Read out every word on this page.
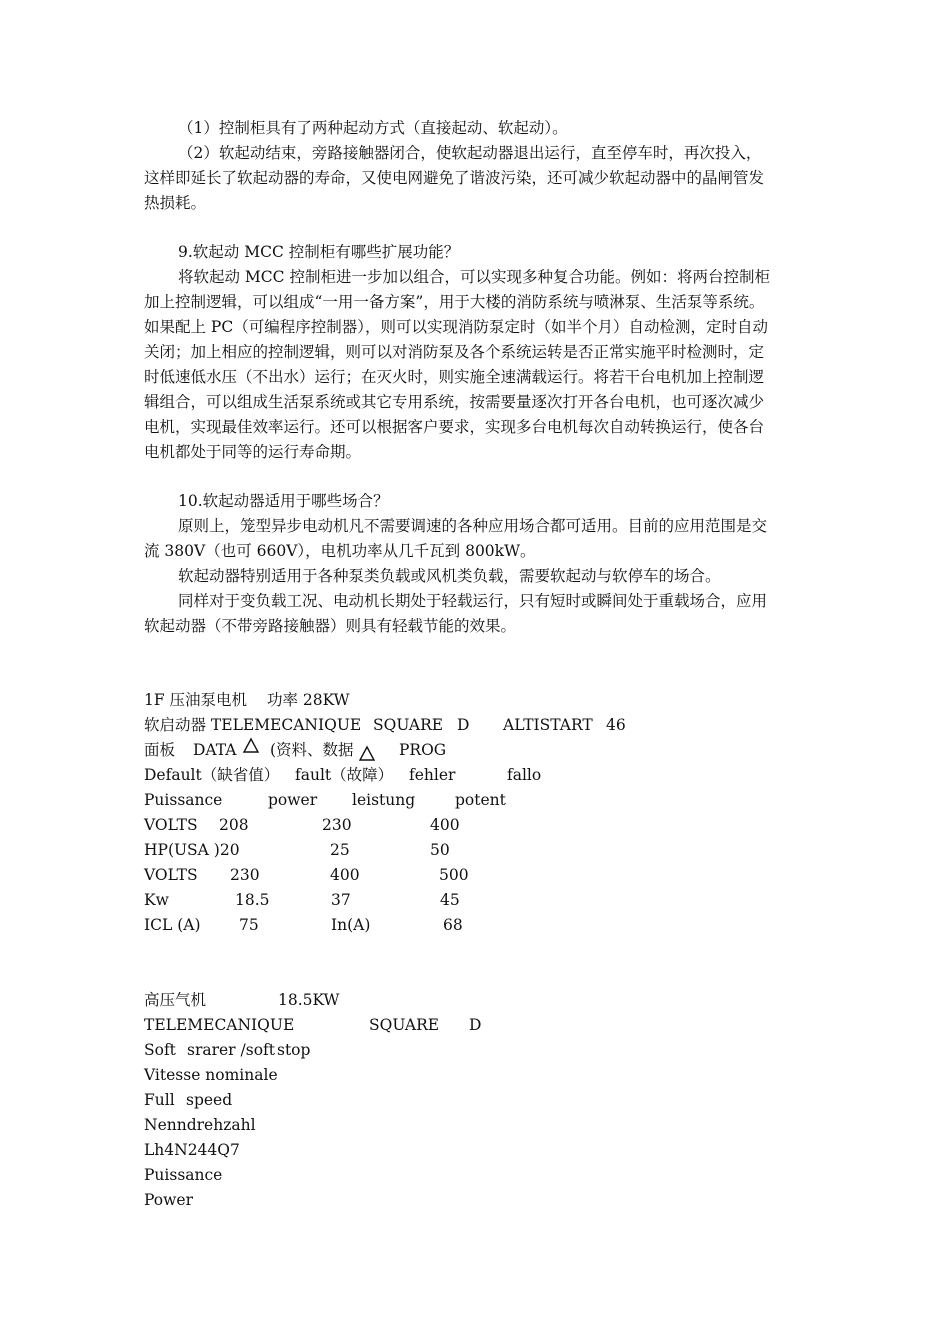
（1）控制柜具有了两种起动方式（直接起动、软起动）。
（2）软起动结束，旁路接触器闭合，使软起动器退出运行，直至停车时，再次投入，
这样即延长了软起动器的寿命，又使电网避免了谐波污染，还可减少软起动器中的晶闸管发
热损耗。
9.软起动 MCC 控制柜有哪些扩展功能？
将软起动 MCC 控制柜进一步加以组合，可以实现多种复合功能。例如：将两台控制柜
加上控制逻辑，可以组成“一用一备方案”，用于大楼的消防系统与喷淋泵、生活泵等系统。
如果配上 PC（可编程序控制器），则可以实现消防泵定时（如半个月）自动检测，定时自动
关闭；加上相应的控制逻辑，则可以对消防泵及各个系统运转是否正常实施平时检测时，定
时低速低水压（不出水）运行；在灭火时，则实施全速满载运行。将若干台电机加上控制逻
辑组合，可以组成生活泵系统或其它专用系统，按需要量逐次打开各台电机，也可逐次减少
电机，实现最佳效率运行。还可以根据客户要求，实现多台电机每次自动转换运行，使各台
电机都处于同等的运行寿命期。
10.软起动器适用于哪些场合？
原则上，笼型异步电动机凡不需要调速的各种应用场合都可适用。目前的应用范围是交
流 380V（也可 660V），电机功率从几千瓦到 800kW。
软起动器特别适用于各种泵类负载或风机类负载，需要软起动与软停车的场合。
同样对于变负载工况、电动机长期处于轻载运行，只有短时或瞬间处于重载场合，应用
软起动器（不带旁路接触器）则具有轻载节能的效果。
1F 压油泵电机 功率 28KW
软启动器 TELEMECANIQUE SQUARE D ALTISTART 46
面板 DATA (资料、数据	PROG
Default（缺省值） fault（故障） fehler	fallo
Puissance	power leistung	potent
VOLTS 208	230	400
HP(USA )20	25	50
VOLTS 230	400	500
Kw	18.5	37	45
ICL (A) 75	In(A)	68
高压气机	18.5KW
TELEMECANIQUE	SQUARE D
Soft srarer /soft stop
Vitesse nominale
Full speed
Nenndrehzahl
Lh4N244Q7
Puissance
Power
